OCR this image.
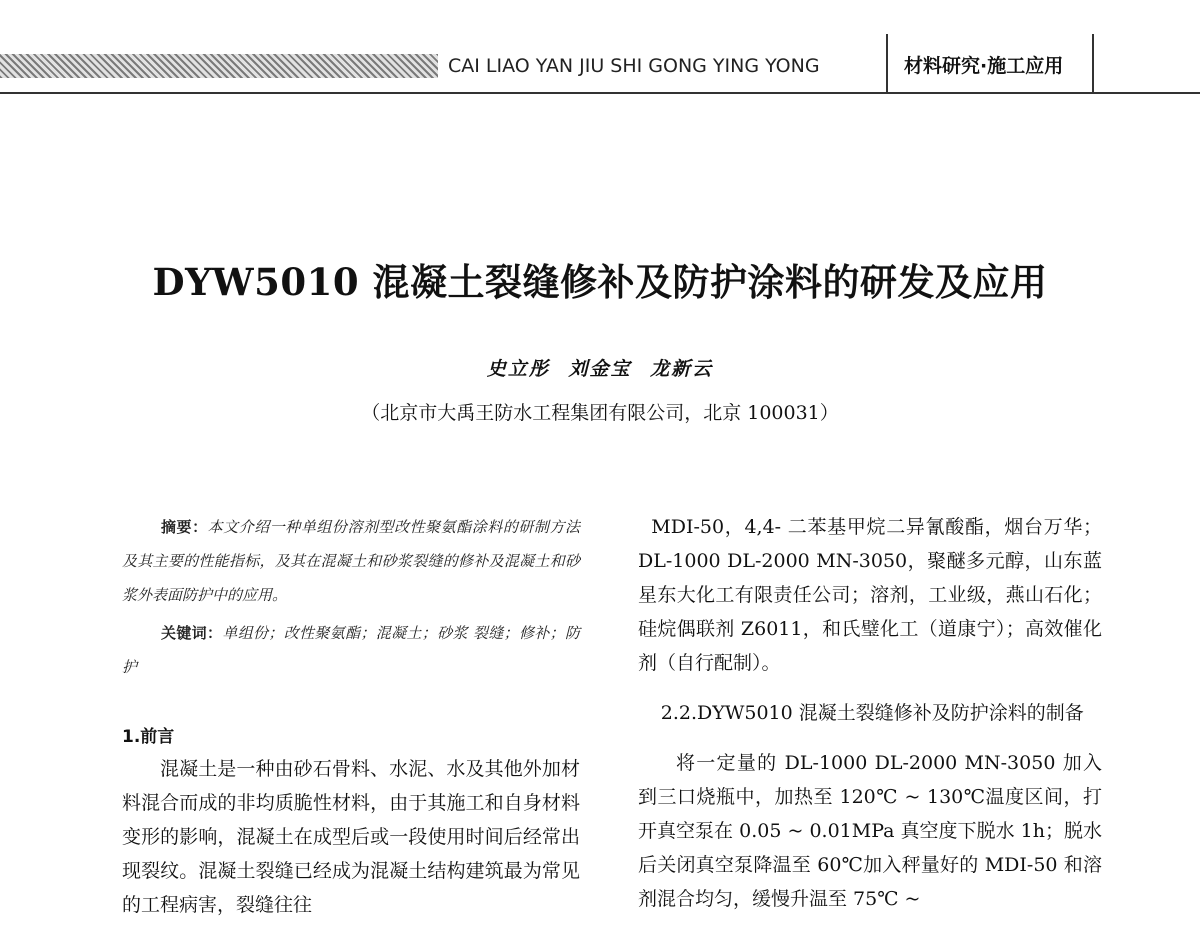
CAI LIAO YAN JIU SHI GONG YING YONG	材料研究·施工应用
DYW5010 混凝土裂缝修补及防护涂料的研发及应用
史立彤 刘金宝 龙新云
（北京市大禹王防水工程集团有限公司，北京 100031）

摘要：本文介绍一种单组份溶剂型改性聚氨酯涂料的研制方法及其主要的性能指标，及其在混凝土和砂浆裂缝的修补及混凝土和砂浆外表面防护中的应用。

关键词：单组份；改性聚氨酯；混凝土；砂浆 裂缝；修补；防护

1.前言

混凝土是一种由砂石骨料、水泥、水及其他外加材料混合而成的非均质脆性材料，由于其施工和自身材料变形的影响，混凝土在成型后或一段使用时间后经常出现裂纹。混凝土裂缝已经成为混凝土结构建筑最为常见的工程病害，裂缝往往

MDI-50，4,4- 二苯基甲烷二异氰酸酯，烟台万华；DL-1000 DL-2000 MN-3050，聚醚多元醇，山东蓝星东大化工有限责任公司；溶剂，工业级，燕山石化；硅烷偶联剂 Z6011，和氏璧化工（道康宁）；高效催化剂（自行配制）。

2.2.DYW5010 混凝土裂缝修补及防护涂料的制备

将一定量的 DL-1000 DL-2000 MN-3050 加入到三口烧瓶中，加热至 120℃ ~ 130℃温度区间，打开真空泵在 0.05 ~ 0.01MPa 真空度下脱水 1h；脱水后关闭真空泵降温至 60℃加入秤量好的 MDI-50 和溶剂混合均匀，缓慢升温至 75℃ ~
